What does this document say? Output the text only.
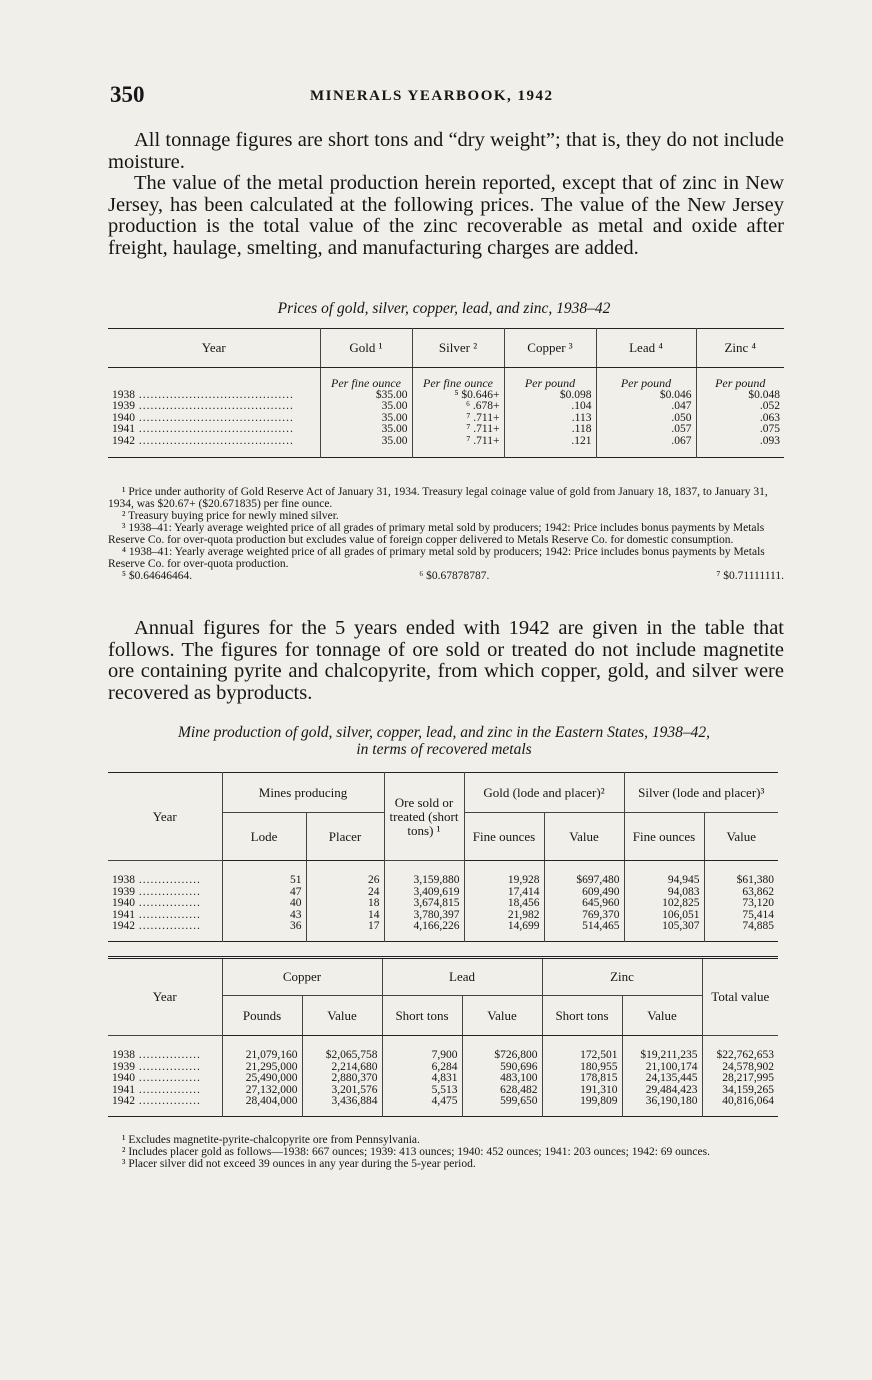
350	MINERALS YEARBOOK, 1942

All tonnage figures are short tons and “dry weight”; that is, they do not include moisture.

The value of the metal production herein reported, except that of zinc in New Jersey, has been calculated at the following prices. The value of the New Jersey production is the total value of the zinc recoverable as metal and oxide after freight, haulage, smelting, and manufacturing charges are added.

Prices of gold, silver, copper, lead, and zinc, 1938–42
Year	Gold ¹	Silver ²	Copper ³	Lead ⁴	Zinc ⁴
	Per fine ounce	Per fine ounce	Per pound	Per pound	Per pound
1938 .....	$35.00	⁵ $0.646+	$0.098	$0.046	$0.048
1939 .....	35.00	⁶ .678+	.104	.047	.052
1940 .....	35.00	⁷ .711+	.113	.050	.063
1941 .....	35.00	⁷ .711+	.118	.057	.075
1942 .....	35.00	⁷ .711+	.121	.067	.093
¹ Price under authority of Gold Reserve Act of January 31, 1934. Treasury legal coinage value of gold from January 18, 1837, to January 31, 1934, was $20.67+ ($20.671835) per fine ounce.
² Treasury buying price for newly mined silver.
³ 1938–41: Yearly average weighted price of all grades of primary metal sold by producers; 1942: Price includes bonus payments by Metals Reserve Co. for over-quota production but excludes value of foreign copper delivered to Metals Reserve Co. for domestic consumption.
⁴ 1938–41: Yearly average weighted price of all grades of primary metal sold by producers; 1942: Price includes bonus payments by Metals Reserve Co. for over-quota production.
⁵ $0.64646464.	⁶ $0.67878787.	⁷ $0.71111111.

Annual figures for the 5 years ended with 1942 are given in the table that follows. The figures for tonnage of ore sold or treated do not include magnetite ore containing pyrite and chalcopyrite, from which copper, gold, and silver were recovered as byproducts.

Mine production of gold, silver, copper, lead, and zinc in the Eastern States, 1938–42,
in terms of recovered metals
Year	Mines producing		Ore sold or treated (short tons) ¹	Gold (lode and placer)²		Silver (lode and placer)³	
	Lode	Placer		Fine ounces	Value	Fine ounces	Value
1938 .....	51	26	3,159,880	19,928	$697,480	94,945	$61,380
1939 .....	47	24	3,409,619	17,414	609,490	94,083	63,862
1940 .....	40	18	3,674,815	18,456	645,960	102,825	73,120
1941 .....	43	14	3,780,397	21,982	769,370	106,051	75,414
1942 .....	36	17	4,166,226	14,699	514,465	105,307	74,885
Year	Copper		Lead		Zinc		Total value
	Pounds	Value	Short tons	Value	Short tons	Value	
1938 .....	21,079,160	$2,065,758	7,900	$726,800	172,501	$19,211,235	$22,762,653
1939 .....	21,295,000	2,214,680	6,284	590,696	180,955	21,100,174	24,578,902
1940 .....	25,490,000	2,880,370	4,831	483,100	178,815	24,135,445	28,217,995
1941 .....	27,132,000	3,201,576	5,513	628,482	191,310	29,484,423	34,159,265
1942 .....	28,404,000	3,436,884	4,475	599,650	199,809	36,190,180	40,816,064
¹ Excludes magnetite-pyrite-chalcopyrite ore from Pennsylvania.
² Includes placer gold as follows—1938: 667 ounces; 1939: 413 ounces; 1940: 452 ounces; 1941: 203 ounces; 1942: 69 ounces.
³ Placer silver did not exceed 39 ounces in any year during the 5-year period.
